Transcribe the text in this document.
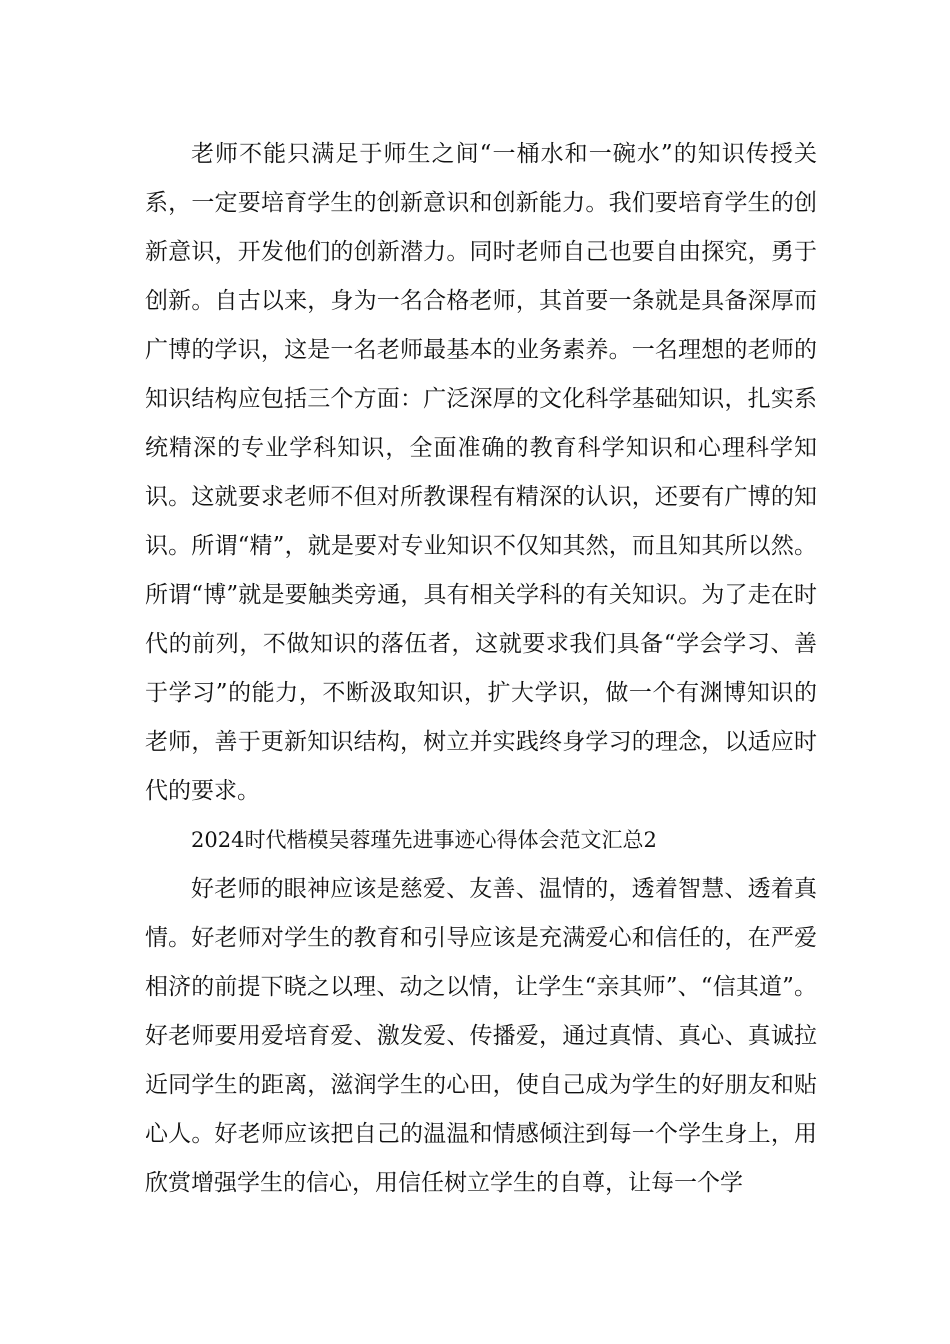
老师不能只满足于师生之间“一桶水和一碗水”的知识传授关系，一定要培育学生的创新意识和创新能力。我们要培育学生的创新意识，开发他们的创新潜力。同时老师自己也要自由探究，勇于创新。自古以来，身为一名合格老师，其首要一条就是具备深厚而广博的学识，这是一名老师最基本的业务素养。一名理想的老师的知识结构应包括三个方面：广泛深厚的文化科学基础知识，扎实系统精深的专业学科知识，全面准确的教育科学知识和心理科学知识。这就要求老师不但对所教课程有精深的认识，还要有广博的知识。所谓“精”，就是要对专业知识不仅知其然，而且知其所以然。所谓“博”就是要触类旁通，具有相关学科的有关知识。为了走在时代的前列，不做知识的落伍者，这就要求我们具备“学会学习、善于学习”的能力，不断汲取知识，扩大学识，做一个有渊博知识的老师，善于更新知识结构，树立并实践终身学习的理念，以适应时代的要求。

2024时代楷模吴蓉瑾先进事迹心得体会范文汇总2

好老师的眼神应该是慈爱、友善、温情的，透着智慧、透着真情。好老师对学生的教育和引导应该是充满爱心和信任的，在严爱相济的前提下晓之以理、动之以情，让学生“亲其师”、“信其道”。好老师要用爱培育爱、激发爱、传播爱，通过真情、真心、真诚拉近同学生的距离，滋润学生的心田，使自己成为学生的好朋友和贴心人。好老师应该把自己的温温和情感倾注到每一个学生身上，用欣赏增强学生的信心，用信任树立学生的自尊，让每一个学
